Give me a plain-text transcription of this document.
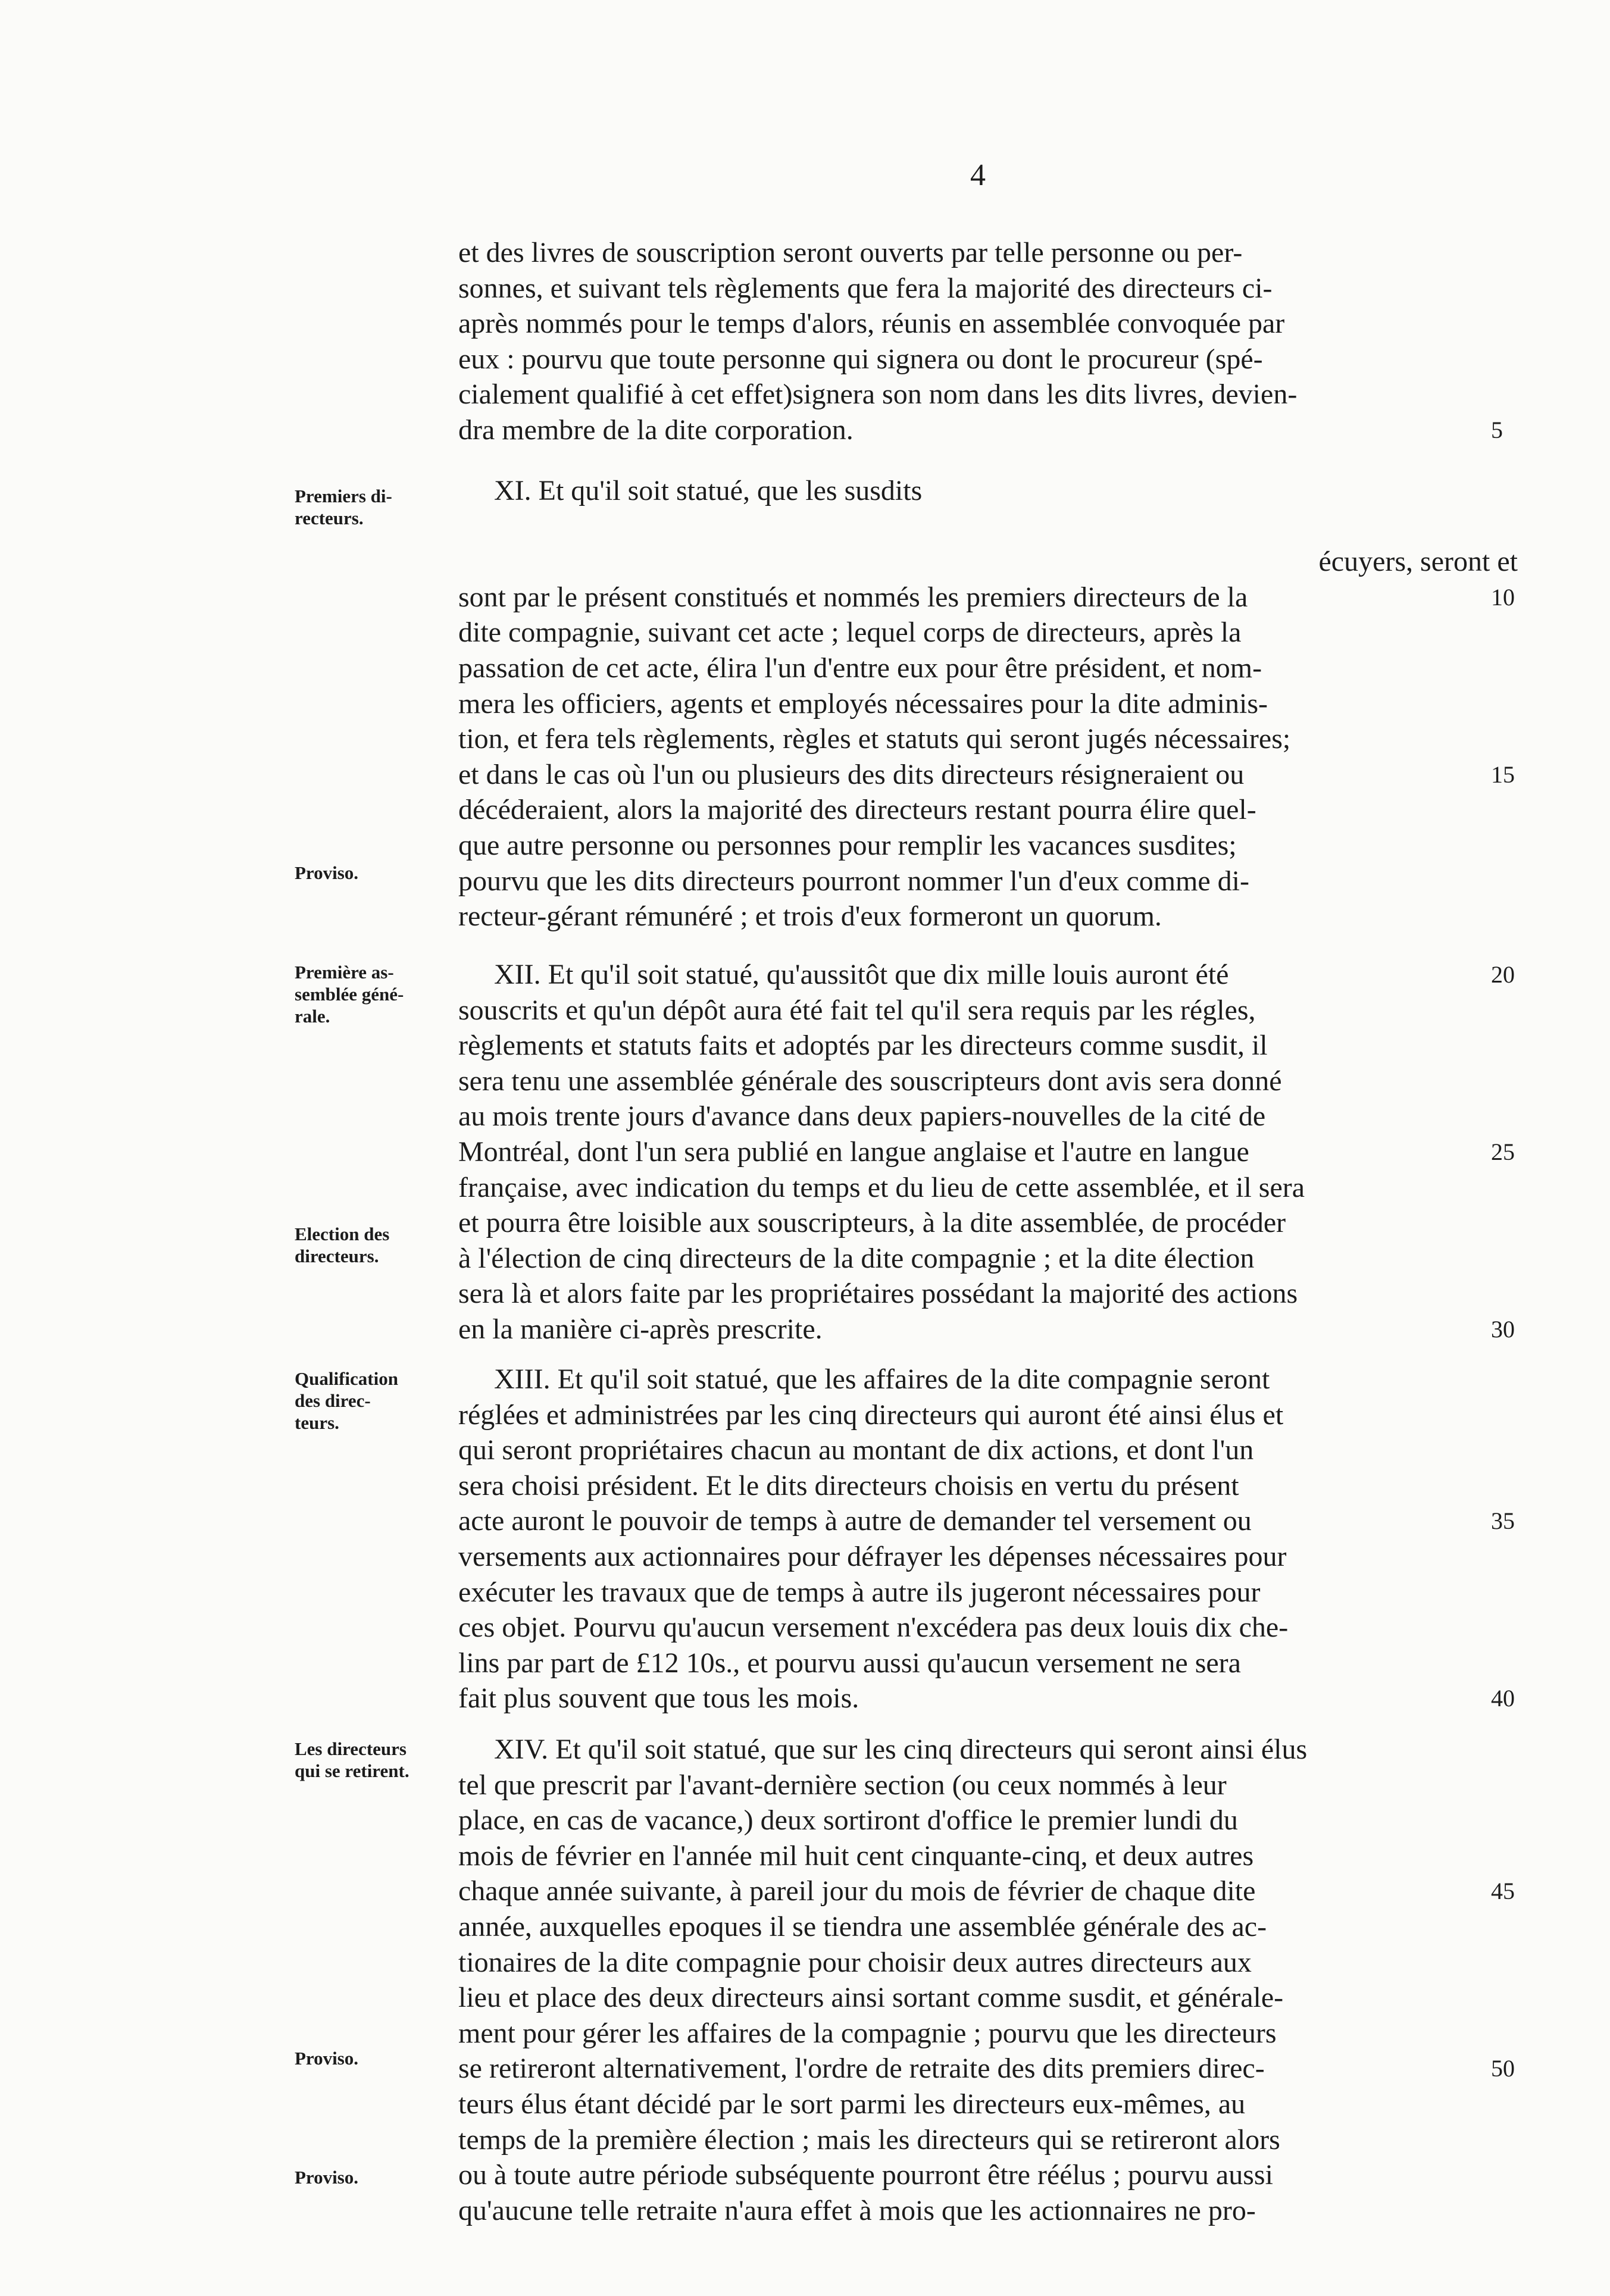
4
et des livres de souscription seront ouverts par telle personne ou per-
sonnes, et suivant tels règlements que fera la majorité des directeurs ci-
après nommés pour le temps d'alors, réunis en assemblée convoquée par
eux : pourvu que toute personne qui signera ou dont le procureur (spé-
cialement qualifié à cet effet)signera son nom dans les dits livres, devien-
dra membre de la dite corporation.
XI. Et qu'il soit statué, que les susdits
écuyers, seront et
sont par le présent constitués et nommés les premiers directeurs de la
dite compagnie, suivant cet acte ; lequel corps de directeurs, après la
passation de cet acte, élira l'un d'entre eux pour être président, et nom-
mera les officiers, agents et employés nécessaires pour la dite adminis-
tion, et fera tels règlements, règles et statuts qui seront jugés nécessaires;
et dans le cas où l'un ou plusieurs des dits directeurs résigneraient ou
décéderaient, alors la majorité des directeurs restant pourra élire quel-
que autre personne ou personnes pour remplir les vacances susdites;
pourvu que les dits directeurs pourront nommer l'un d'eux comme di-
recteur-gérant rémunéré ; et trois d'eux formeront un quorum.
XII. Et qu'il soit statué, qu'aussitôt que dix mille louis auront été
souscrits et qu'un dépôt aura été fait tel qu'il sera requis par les régles,
règlements et statuts faits et adoptés par les directeurs comme susdit, il
sera tenu une assemblée générale des souscripteurs dont avis sera donné
au mois trente jours d'avance dans deux papiers-nouvelles de la cité de
Montréal, dont l'un sera publié en langue anglaise et l'autre en langue
française, avec indication du temps et du lieu de cette assemblée, et il sera
et pourra être loisible aux souscripteurs, à la dite assemblée, de procéder
à l'élection de cinq directeurs de la dite compagnie ; et la dite élection
sera là et alors faite par les propriétaires possédant la majorité des actions
en la manière ci-après prescrite.
XIII. Et qu'il soit statué, que les affaires de la dite compagnie seront
réglées et administrées par les cinq directeurs qui auront été ainsi élus et
qui seront propriétaires chacun au montant de dix actions, et dont l'un
sera choisi président. Et le dits directeurs choisis en vertu du présent
acte auront le pouvoir de temps à autre de demander tel versement ou
versements aux actionnaires pour défrayer les dépenses nécessaires pour
exécuter les travaux que de temps à autre ils jugeront nécessaires pour
ces objet. Pourvu qu'aucun versement n'excédera pas deux louis dix che-
lins par part de £12 10s., et pourvu aussi qu'aucun versement ne sera
fait plus souvent que tous les mois.
XIV. Et qu'il soit statué, que sur les cinq directeurs qui seront ainsi élus
tel que prescrit par l'avant-dernière section (ou ceux nommés à leur
place, en cas de vacance,) deux sortiront d'office le premier lundi du
mois de février en l'année mil huit cent cinquante-cinq, et deux autres
chaque année suivante, à pareil jour du mois de février de chaque dite
année, auxquelles epoques il se tiendra une assemblée générale des ac-
tionaires de la dite compagnie pour choisir deux autres directeurs aux
lieu et place des deux directeurs ainsi sortant comme susdit, et générale-
ment pour gérer les affaires de la compagnie ; pourvu que les directeurs
se retireront alternativement, l'ordre de retraite des dits premiers direc-
teurs élus étant décidé par le sort parmi les directeurs eux-mêmes, au
temps de la première élection ; mais les directeurs qui se retireront alors
ou à toute autre période subséquente pourront être réélus ; pourvu aussi
qu'aucune telle retraite n'aura effet à mois que les actionnaires ne pro-
Premiers di-
recteurs.
Proviso.
Première as-
semblée géné-
rale.
Election des
directeurs.
Qualification
des direc-
teurs.
Les directeurs
qui se retirent.
Proviso.
Proviso.
5
10
15
20
25
30
35
40
45
50
